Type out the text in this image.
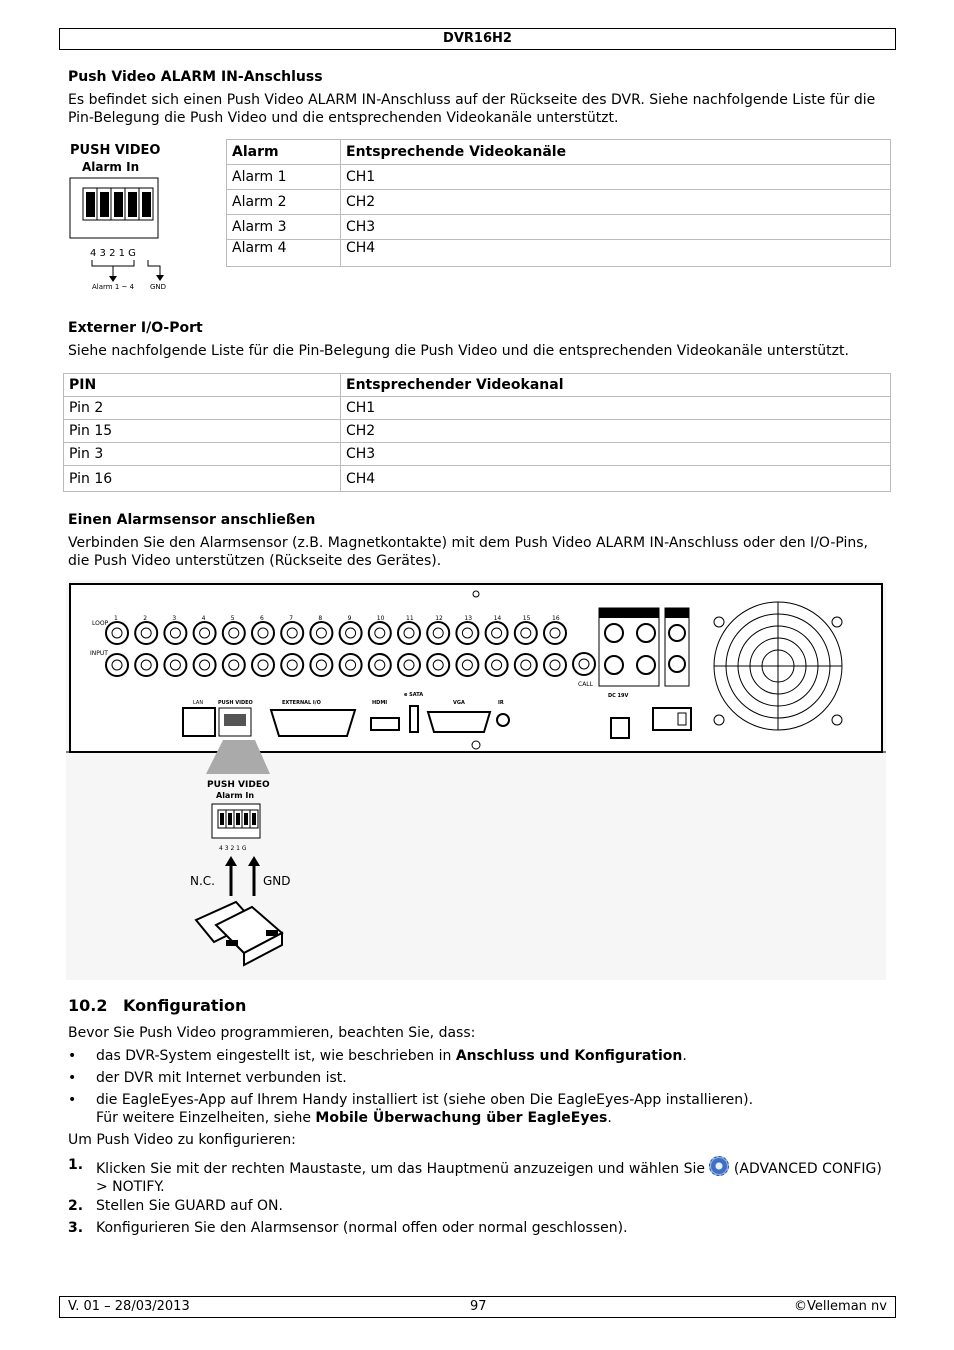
DVR16H2
Push Video ALARM IN-Anschluss
Es befindet sich einen Push Video ALARM IN-Anschluss auf der Rückseite des DVR. Siehe nachfolgende Liste für die Pin-Belegung die Push Video und die entsprechenden Videokanäle unterstützt.
PUSH VIDEO
Alarm In
4 3 2 1 G
Alarm 1 ~ 4 GND
Alarm	Entsprechende Videokanäle
Alarm 1	CH1
Alarm 2	CH2
Alarm 3	CH3
Alarm 4	CH4
Externer I/O-Port
Siehe nachfolgende Liste für die Pin-Belegung die Push Video und die entsprechenden Videokanäle unterstützt.
PIN	Entsprechender Videokanal
Pin 2	CH1
Pin 15	CH2
Pin 3	CH3
Pin 16	CH4
Einen Alarmsensor anschließen
Verbinden Sie den Alarmsensor (z.B. Magnetkontakte) mit dem Push Video ALARM IN-Anschluss oder den I/O-Pins, die Push Video unterstützen (Rückseite des Gerätes).
1	2	3	4	5	6	7	8	9	10	11	12	13	14	15	16
LOOP
INPUT
CALL
LAN	PUSH VIDEO	EXTERNAL I/O	HDMI
e SATA
VGA	IR
DC 19V
PUSH VIDEO
Alarm In
4 3 2 1 G
N.C.	GND
10.2 Konfiguration
Bevor Sie Push Video programmieren, beachten Sie, dass:
• das DVR-System eingestellt ist, wie beschrieben in Anschluss und Konfiguration.
• der DVR mit Internet verbunden ist.
• die EagleEyes-App auf Ihrem Handy installiert ist (siehe oben Die EagleEyes-App installieren).
Für weitere Einzelheiten, siehe Mobile Überwachung über EagleEyes.
Um Push Video zu konfigurieren:
1. Klicken Sie mit der rechten Maustaste, um das Hauptmenü anzuzeigen und wählen Sie (ADVANCED CONFIG) > NOTIFY.
2. Stellen Sie GUARD auf ON.
3. Konfigurieren Sie den Alarmsensor (normal offen oder normal geschlossen).
V. 01 – 28/03/2013	97	©Velleman nv
